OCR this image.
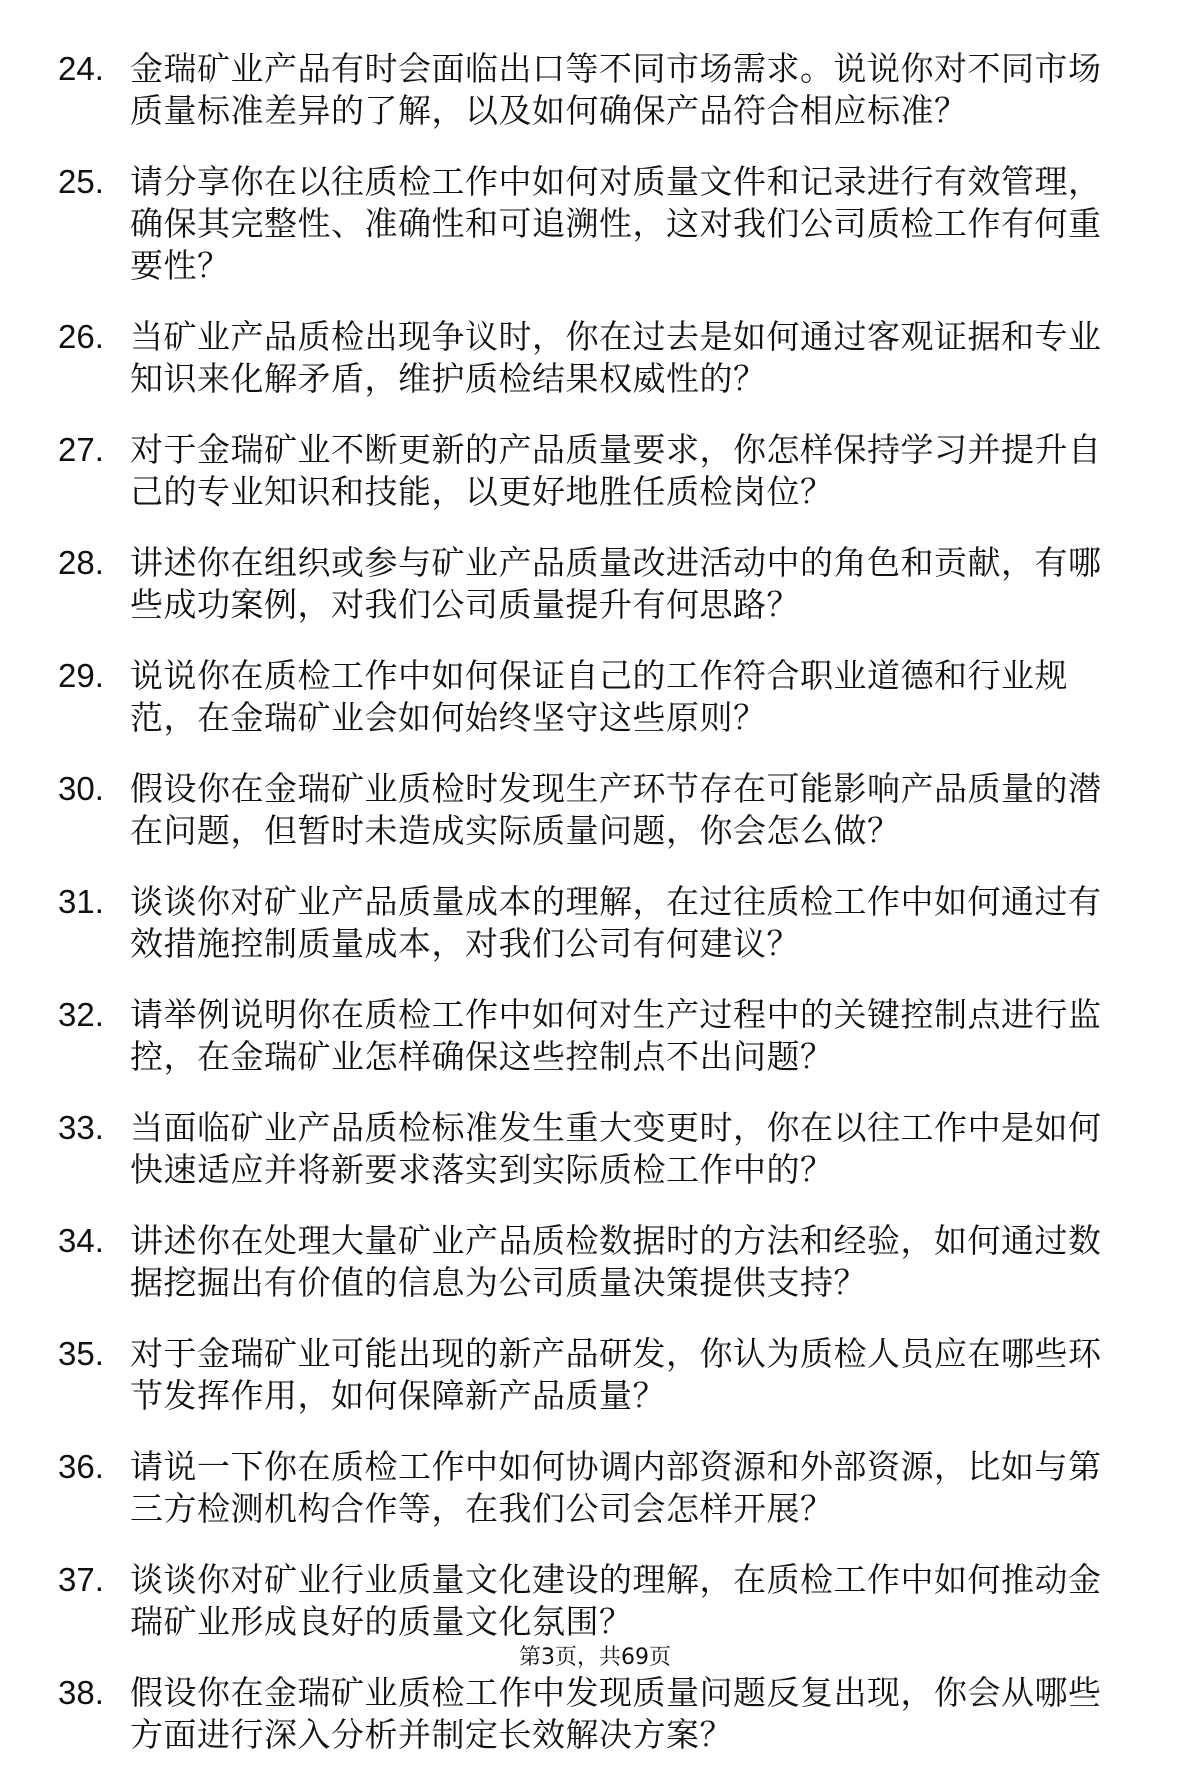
24. 金瑞矿业产品有时会面临出口等不同市场需求。说说你对不同市场质量标准差异的了解，以及如何确保产品符合相应标准？
25. 请分享你在以往质检工作中如何对质量文件和记录进行有效管理，确保其完整性、准确性和可追溯性，这对我们公司质检工作有何重要性？
26. 当矿业产品质检出现争议时，你在过去是如何通过客观证据和专业知识来化解矛盾，维护质检结果权威性的？
27. 对于金瑞矿业不断更新的产品质量要求，你怎样保持学习并提升自己的专业知识和技能，以更好地胜任质检岗位？
28. 讲述你在组织或参与矿业产品质量改进活动中的角色和贡献，有哪些成功案例，对我们公司质量提升有何思路？
29. 说说你在质检工作中如何保证自己的工作符合职业道德和行业规范，在金瑞矿业会如何始终坚守这些原则？
30. 假设你在金瑞矿业质检时发现生产环节存在可能影响产品质量的潜在问题，但暂时未造成实际质量问题，你会怎么做？
31. 谈谈你对矿业产品质量成本的理解，在过往质检工作中如何通过有效措施控制质量成本，对我们公司有何建议？
32. 请举例说明你在质检工作中如何对生产过程中的关键控制点进行监控，在金瑞矿业怎样确保这些控制点不出问题？
33. 当面临矿业产品质检标准发生重大变更时，你在以往工作中是如何快速适应并将新要求落实到实际质检工作中的？
34. 讲述你在处理大量矿业产品质检数据时的方法和经验，如何通过数据挖掘出有价值的信息为公司质量决策提供支持？
35. 对于金瑞矿业可能出现的新产品研发，你认为质检人员应在哪些环节发挥作用，如何保障新产品质量？
36. 请说一下你在质检工作中如何协调内部资源和外部资源，比如与第三方检测机构合作等，在我们公司会怎样开展？
37. 谈谈你对矿业行业质量文化建设的理解，在质检工作中如何推动金瑞矿业形成良好的质量文化氛围？
38. 假设你在金瑞矿业质检工作中发现质量问题反复出现，你会从哪些方面进行深入分析并制定长效解决方案？
第3页，共69页
